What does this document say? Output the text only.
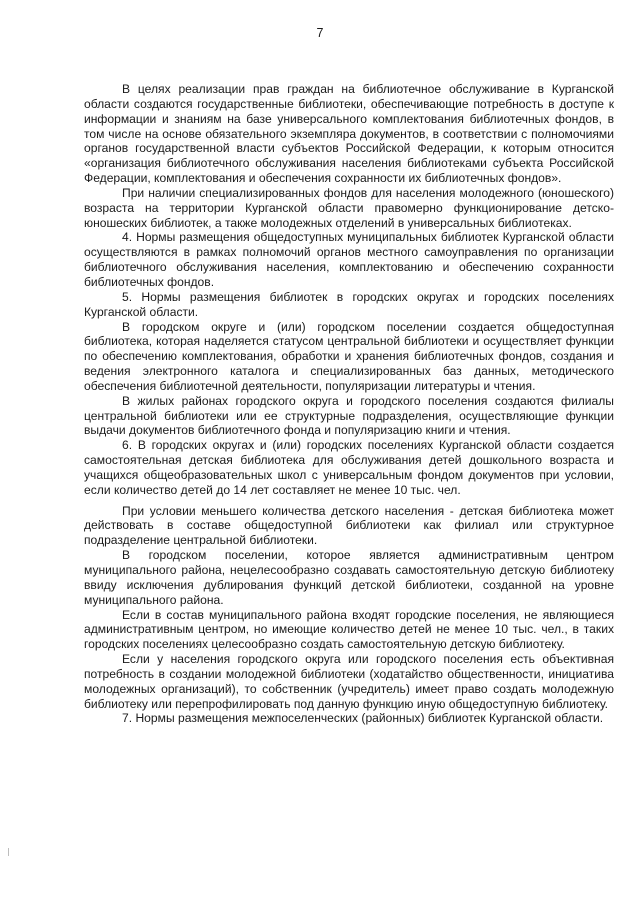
7

В целях реализации прав граждан на библиотечное обслуживание в Курганской области создаются государственные библиотеки, обеспечивающие потребность в доступе к информации и знаниям на базе универсального комплектования библиотечных фондов, в том числе на основе обязательного экземпляра документов, в соответствии с полномочиями органов государственной власти субъектов Российской Федерации, к которым относится «организация библиотечного обслуживания населения библиотеками субъекта Российской Федерации, комплектования и обеспечения сохранности их библиотечных фондов».

При наличии специализированных фондов для населения молодежного (юношеского) возраста на территории Курганской области правомерно функционирование детско-юношеских библиотек, а также молодежных отделений в универсальных библиотеках.

4. Нормы размещения общедоступных муниципальных библиотек Курганской области осуществляются в рамках полномочий органов местного самоуправления по организации библиотечного обслуживания населения, комплектованию и обеспечению сохранности библиотечных фондов.

5. Нормы размещения библиотек в городских округах и городских поселениях Курганской области.

В городском округе и (или) городском поселении создается общедоступная библиотека, которая наделяется статусом центральной библиотеки и осуществляет функции по обеспечению комплектования, обработки и хранения библиотечных фондов, создания и ведения электронного каталога и специализированных баз данных, методического обеспечения библиотечной деятельности, популяризации литературы и чтения.

В жилых районах городского округа и городского поселения создаются филиалы центральной библиотеки или ее структурные подразделения, осуществляющие функции выдачи документов библиотечного фонда и популяризацию книги и чтения.

6. В городских округах и (или) городских поселениях Курганской области создается самостоятельная детская библиотека для обслуживания детей дошкольного возраста и учащихся общеобразовательных школ с универсальным фондом документов при условии, если количество детей до 14 лет составляет не менее 10 тыс. чел.

При условии меньшего количества детского населения - детская библиотека может действовать в составе общедоступной библиотеки как филиал или структурное подразделение центральной библиотеки.

В городском поселении, которое является административным центром муниципального района, нецелесообразно создавать самостоятельную детскую библиотеку ввиду исключения дублирования функций детской библиотеки, созданной на уровне муниципального района.

Если в состав муниципального района входят городские поселения, не являющиеся административным центром, но имеющие количество детей не менее 10 тыс. чел., в таких городских поселениях целесообразно создать самостоятельную детскую библиотеку.

Если у населения городского округа или городского поселения есть объективная потребность в создании молодежной библиотеки (ходатайство общественности, инициатива молодежных организаций), то собственник (учредитель) имеет право создать молодежную библиотеку или перепрофилировать под данную функцию иную общедоступную библиотеку.

7. Нормы размещения межпоселенческих (районных) библиотек Курганской области.
